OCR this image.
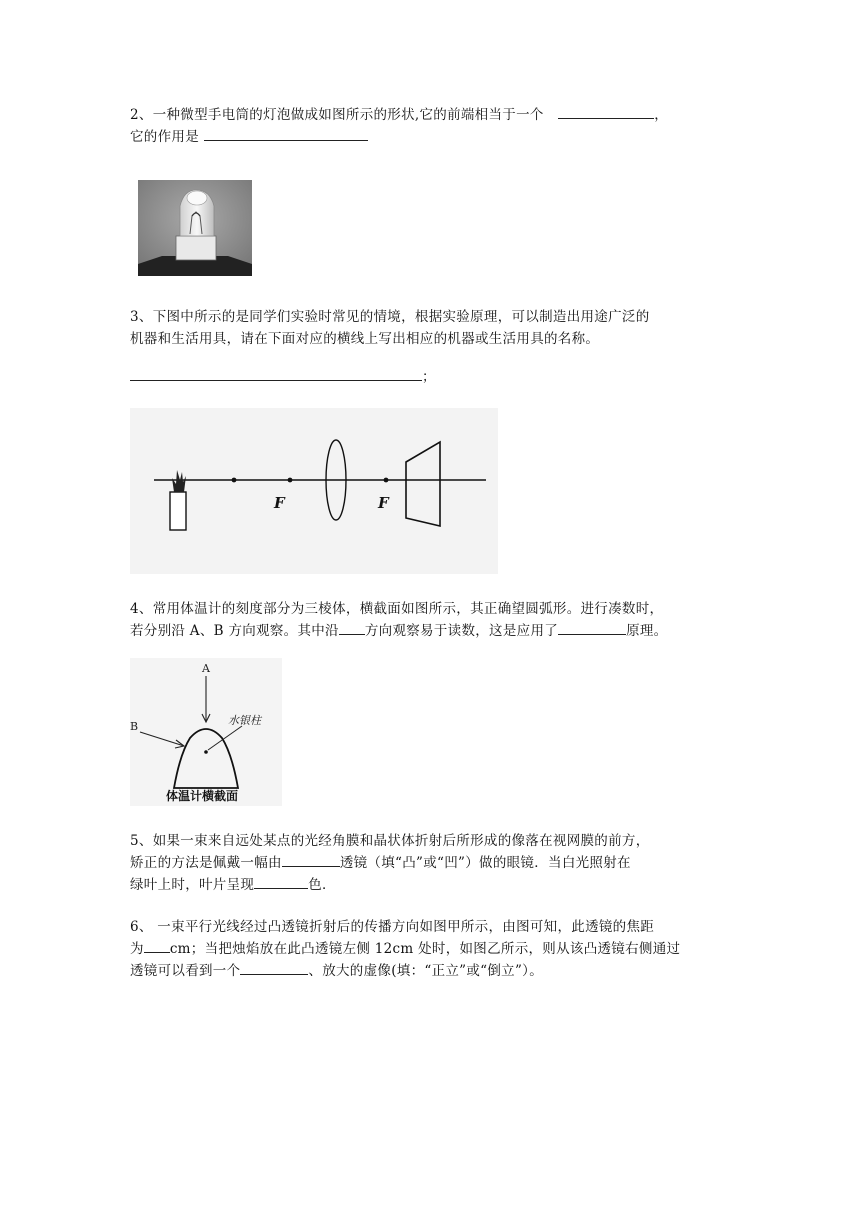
2、一种微型手电筒的灯泡做成如图所示的形状,它的前端相当于一个	，
它的作用是
3、下图中所示的是同学们实验时常见的情境，根据实验原理，可以制造出用途广泛的
机器和生活用具，请在下面对应的横线上写出相应的机器或生活用具的名称。
；
F	F
4、常用体温计的刻度部分为三棱体，横截面如图所示，其正确望圆弧形。进行凑数时，
若分别沿 A、B 方向观察。其中沿 方向观察易于读数，这是应用了	原理。
A
B	水银柱
体温计横截面
5、如果一束来自远处某点的光经角膜和晶状体折射后所形成的像落在视网膜的前方，
矫正的方法是佩戴一幅由	透镜（填“凸”或“凹”）做的眼镜．当白光照射在
绿叶上时，叶片呈现	色．
6、 一束平行光线经过凸透镜折射后的传播方向如图甲所示，由图可知，此透镜的焦距
为 cm；当把烛焰放在此凸透镜左侧 12cm 处时，如图乙所示，则从该凸透镜右侧通过
透镜可以看到一个	、放大的虚像(填：“正立”或“倒立”）。
